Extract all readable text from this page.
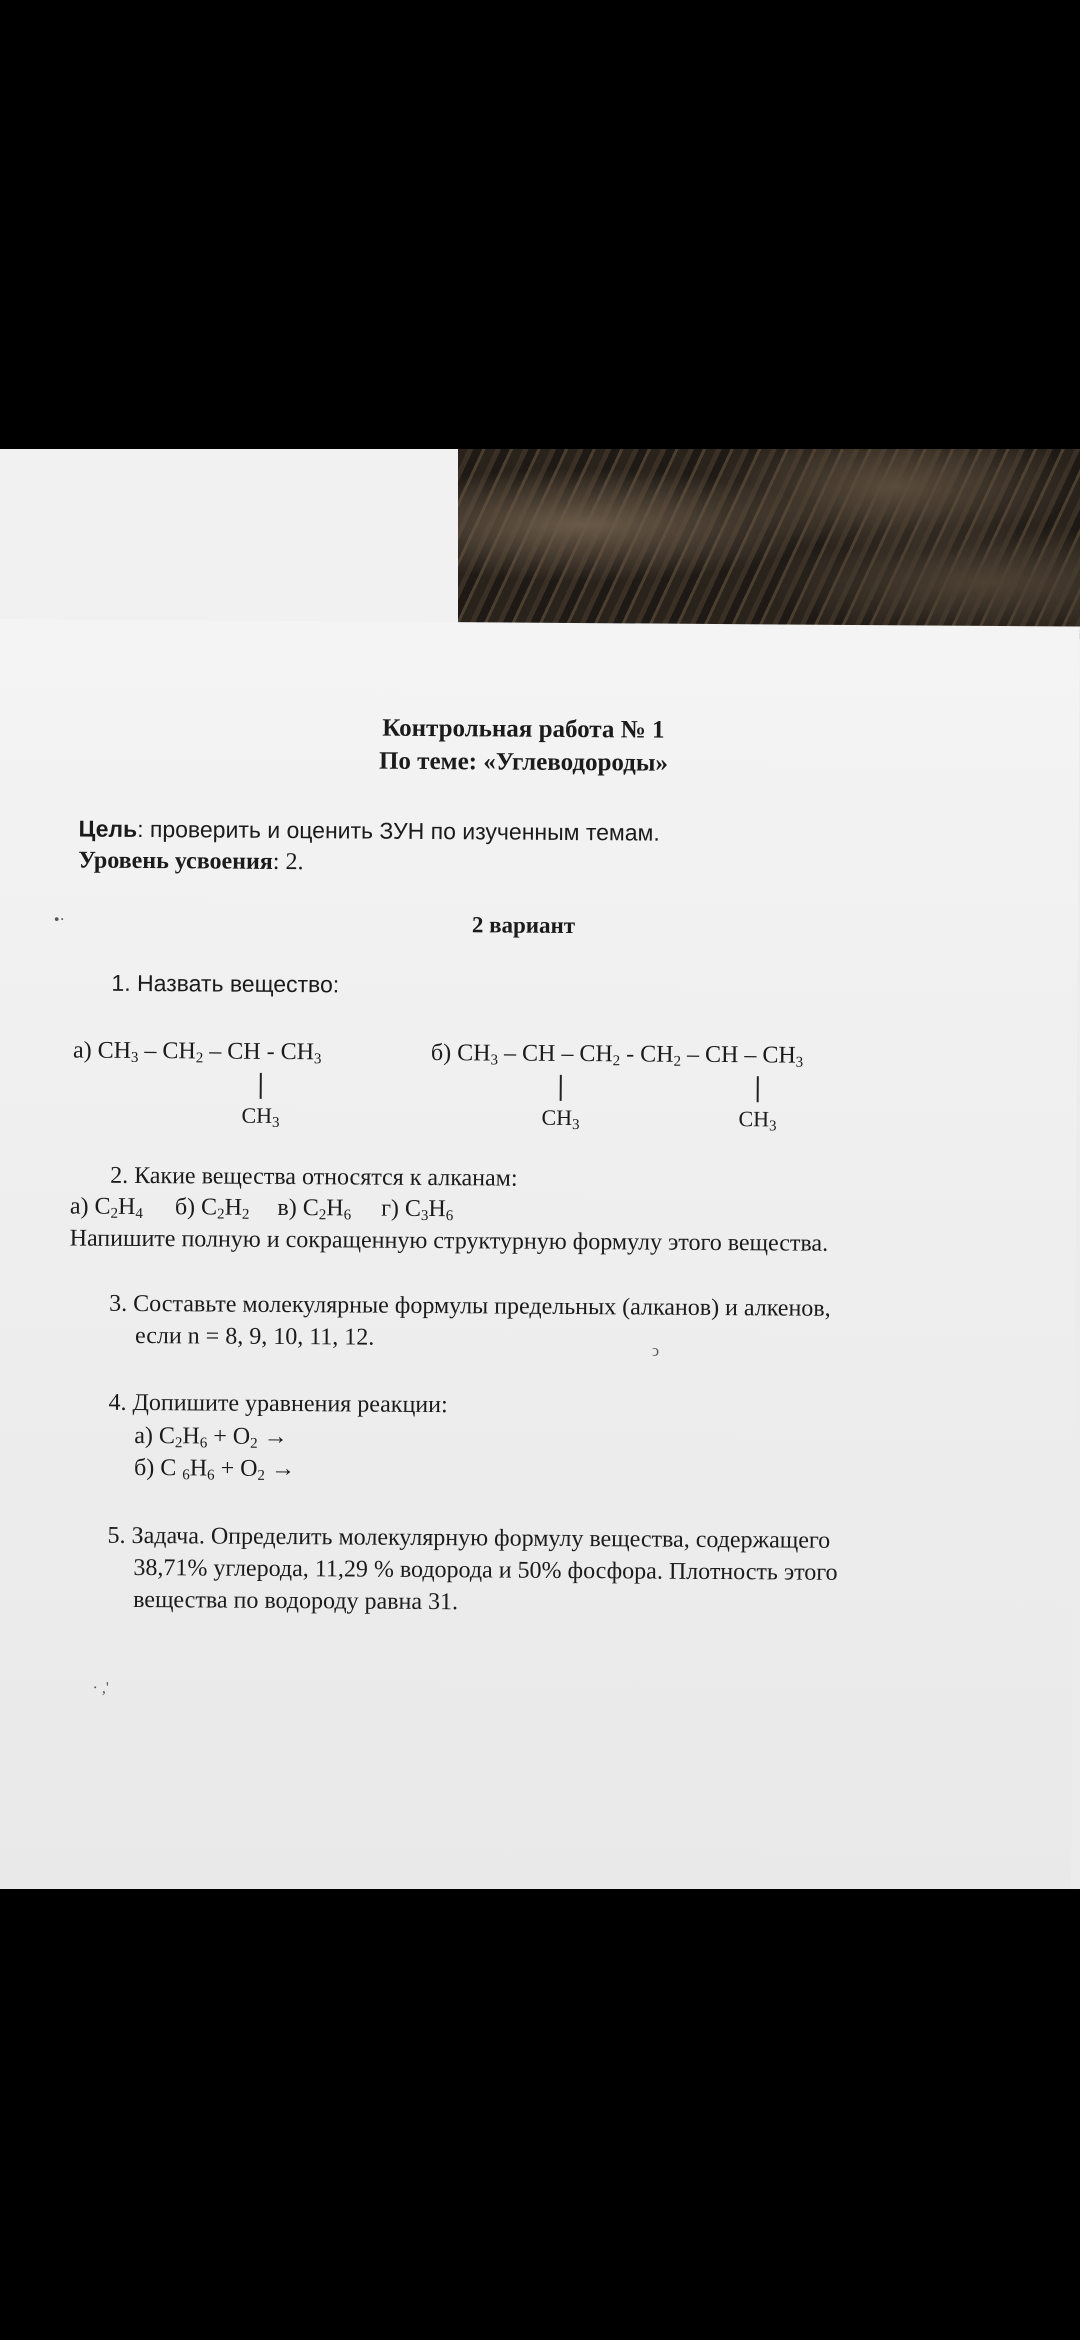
Контрольная работа № 1
По теме: «Углеводороды»
Цель: проверить и оценить ЗУН по изученным темам.
Уровень усвоения: 2.
2 вариант
1. Назвать вещество:
а) $CH_3 - CH_2$ – CH - $CH_3$
$CH_3$
б) $CH_3$ – CH – $CH_2 - CH_2$ – CH – $CH_3$
$CH_3$	$CH_3$
2. Какие вещества относятся к алканам:
а) $C_2H_4$ б) $C_2H_2$ в) $C_2H_6$ г) $C_3H_6$
Напишите полную и сокращенную структурную формулу этого вещества.
3. Составьте молекулярные формулы предельных (алканов) и алкенов,
если n = 8, 9, 10, 11, 12.
4. Допишите уравнения реакции:
а) $C_2H_6 + O_2$ →
б) C $_6H_6 + O_2$ →
5. Задача. Определить молекулярную формулу вещества, содержащего
38,71% углерода, 11,29 % водорода и 50% фосфора. Плотность этого
вещества по водороду равна 31.
•·
· ,'
ↄ
